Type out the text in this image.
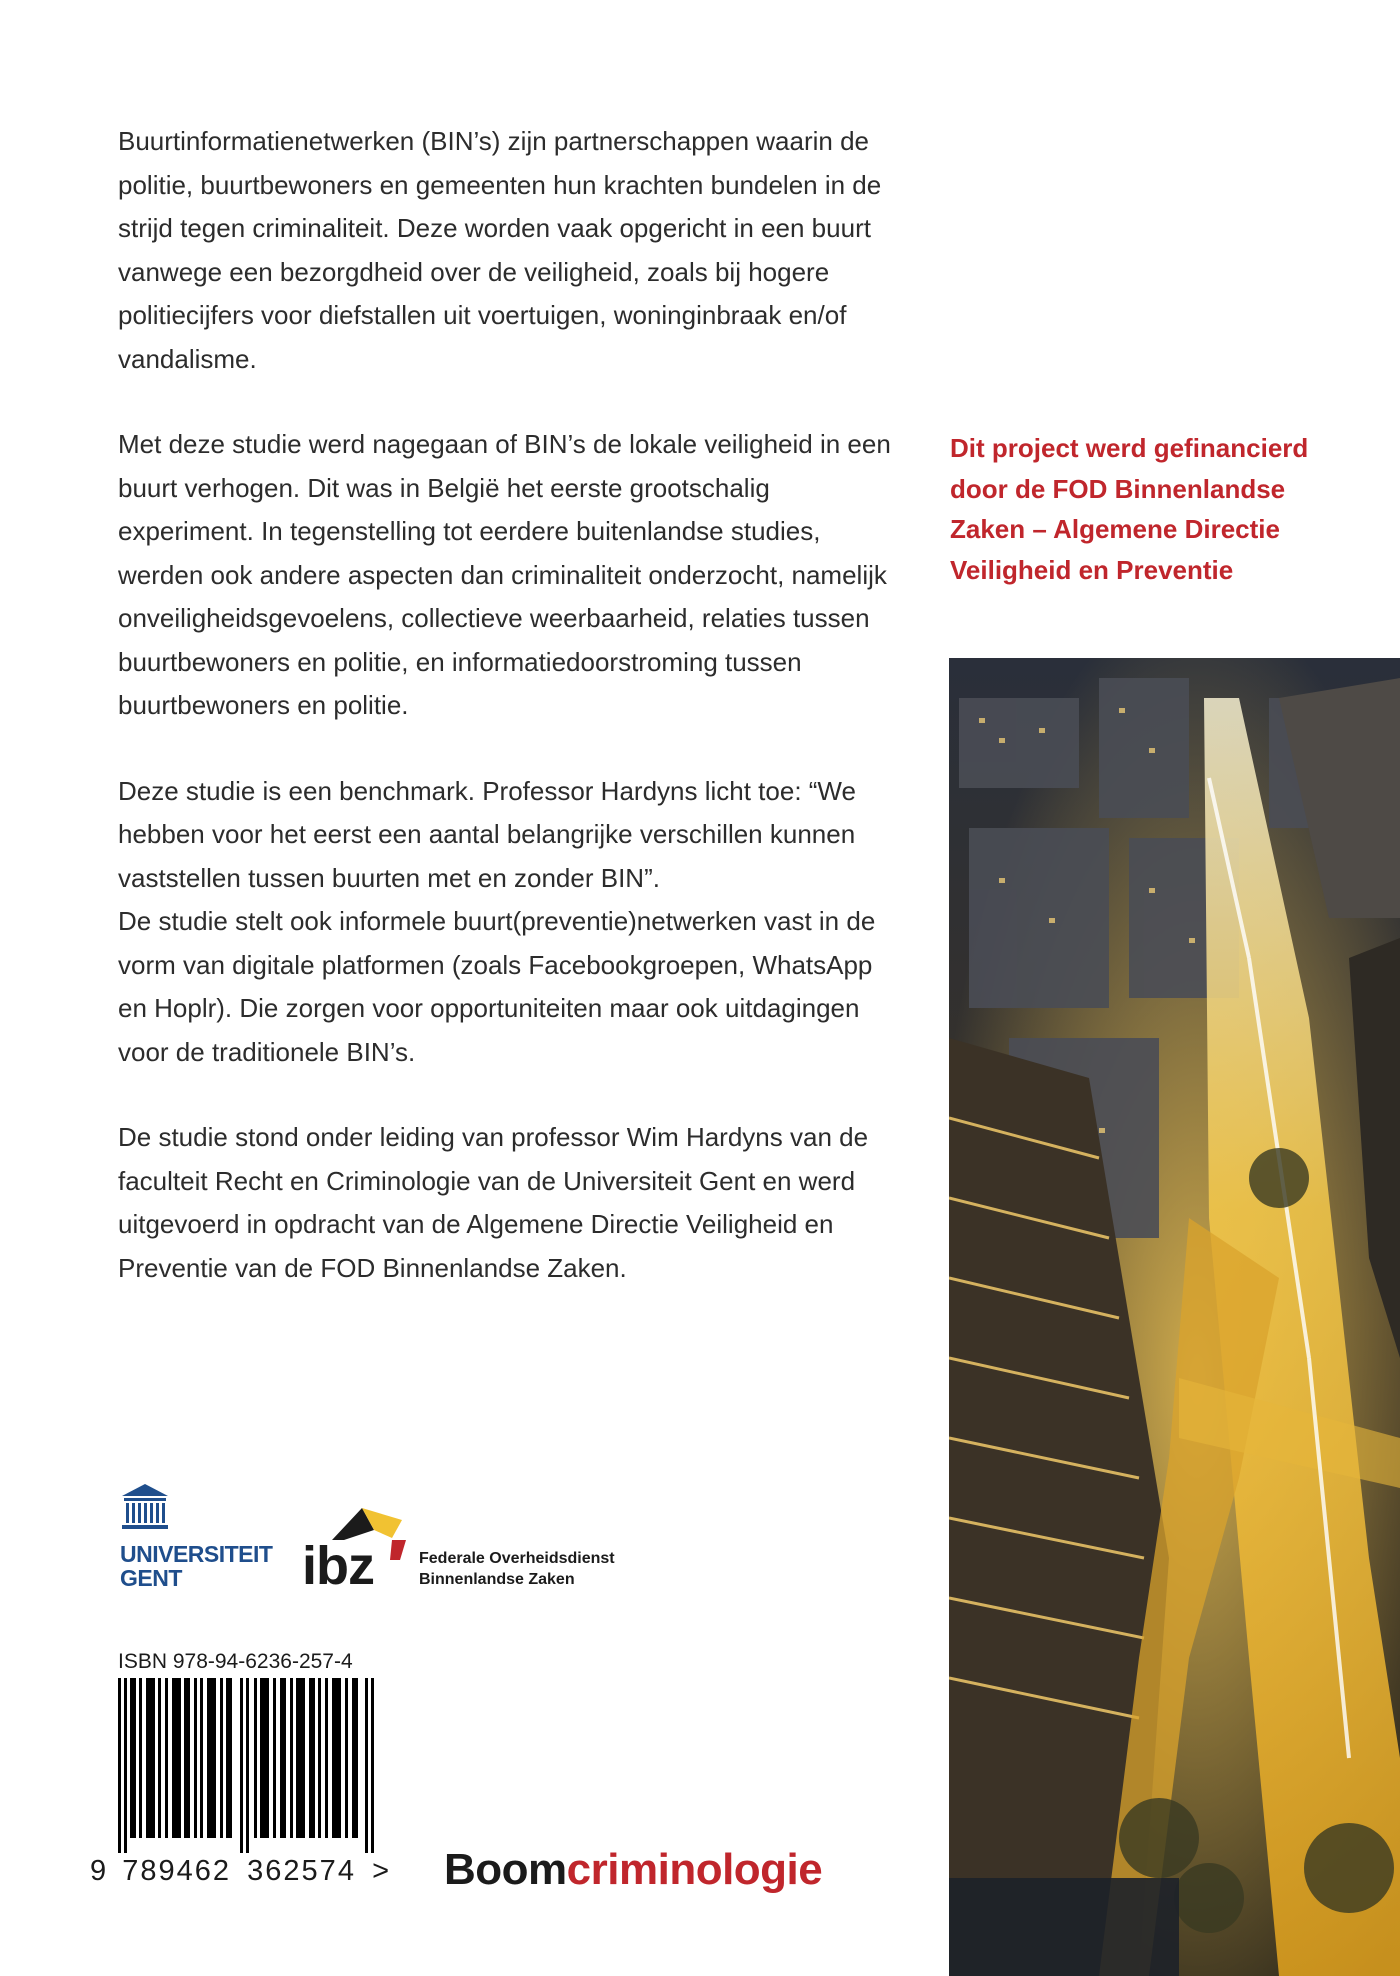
Buurtinformatienetwerken (BIN’s) zijn partnerschappen waarin de politie, buurtbewoners en gemeenten hun krachten bundelen in de strijd tegen criminaliteit. Deze worden vaak opgericht in een buurt vanwege een bezorgdheid over de veiligheid, zoals bij hogere politiecijfers voor diefstallen uit voertuigen, woninginbraak en/of vandalisme.

Met deze studie werd nagegaan of BIN’s de lokale veiligheid in een buurt verhogen. Dit was in België het eerste grootschalig experiment. In tegenstelling tot eerdere buitenlandse studies, werden ook andere aspecten dan criminaliteit onderzocht, namelijk onveiligheidsgevoelens, collectieve weerbaarheid, relaties tussen buurtbewoners en politie, en informatiedoorstroming tussen buurtbewoners en politie.

Deze studie is een benchmark. Professor Hardyns licht toe: “We hebben voor het eerst een aantal belangrijke verschillen kunnen vaststellen tussen buurten met en zonder BIN”.
De studie stelt ook informele buurt(preventie)netwerken vast in de vorm van digitale platformen (zoals Facebookgroepen, WhatsApp en Hoplr). Die zorgen voor opportuniteiten maar ook uitdagingen voor de traditionele BIN’s.

De studie stond onder leiding van professor Wim Hardyns van de faculteit Recht en Criminologie van de Universiteit Gent en werd uitgevoerd in opdracht van de Algemene Directie Veiligheid en Preventie van de FOD Binnenlandse Zaken.

Dit project werd gefinancierd door de FOD Binnenlandse Zaken – Algemene Directie Veiligheid en Preventie
UNIVERSITEIT
GENT	ibz	Federale Overheidsdienst
Binnenlandse Zaken
ISBN 978-94-6236-257-4
9 789462 362574 > Boomcriminologie
